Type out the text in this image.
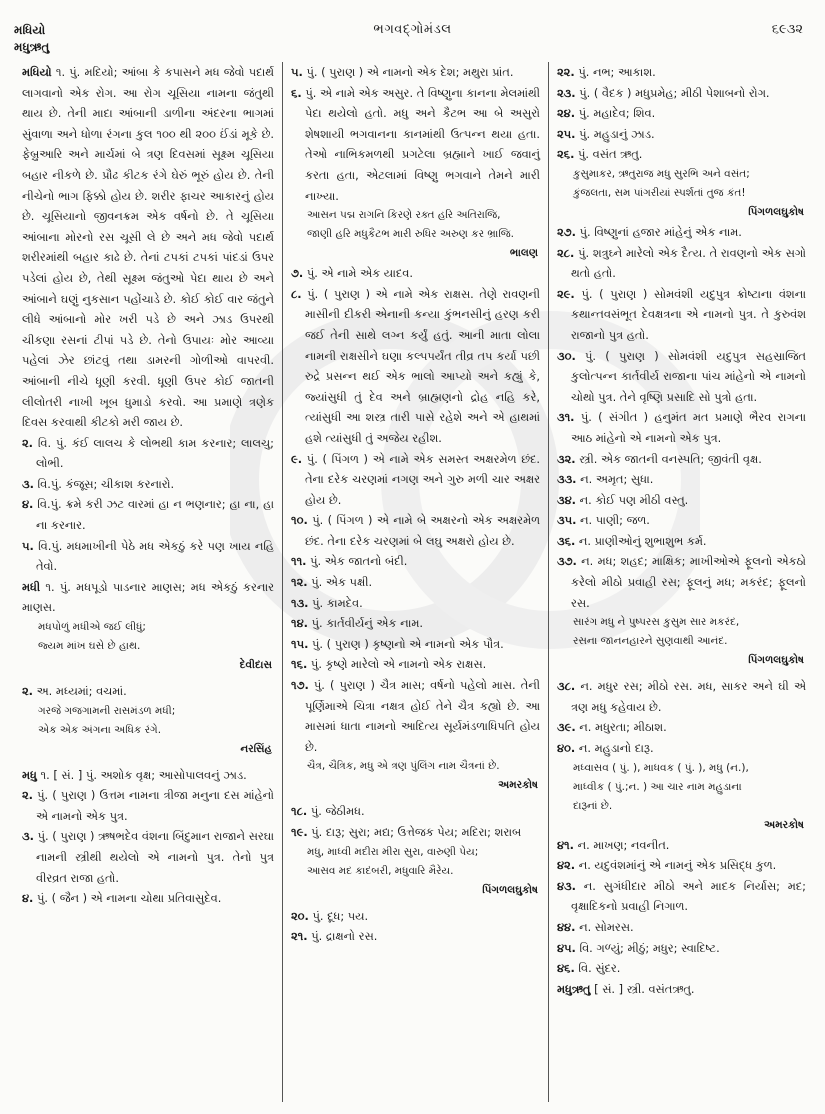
મધિયો
મધુઋતુ
ભગવદ્ગોમંડલ	૬૯૩૨

મધિયો ૧. પું. મદિયો; આંબા કે કપાસને મધ જેવો પદાર્થ લાગવાનો એક રોગ. આ રોગ ચૂસિયા નામના જંતુથી થાય છે. તેની માદા આંબાની ડાળીના અંદરના ભાગમાં સુંવાળા અને ધોળા રંગના કુલ ૧૦૦ થી ૨૦૦ ઈંડાં મૂકે છે. ફેબ્રુઆરિ અને માર્ચમાં બે ત્રણ દિવસમાં સૂક્ષ્મ ચૂસિયા બહાર નીકળે છે. પ્રૌઢ કીટક રંગે ઘેરું ભૂરું હોય છે. તેની નીચેનો ભાગ ફિક્કો હોય છે. શરીર ફાચર આકારનું હોય છે. ચૂસિયાનો જીવનક્રમ એક વર્ષનો છે. તે ચૂસિયા આંબાના મોરનો રસ ચૂસી લે છે અને મધ જેવો પદાર્થ શરીરમાંથી બહાર કાઢે છે. તેનાં ટપકાં ટપકાં પાંદડાં ઉપર પડેલાં હોય છે, તેથી સૂક્ષ્મ જંતુઓ પેદા થાય છે અને આંબાને ઘણું નુકસાન પહોંચાડે છે. કોઈ કોઈ વાર જંતુને લીધે આંબાનો મોર ખરી પડે છે અને ઝાડ ઉપરથી ચીકણા રસનાં ટીપાં પડે છે. તેનો ઉપાયઃ મોર આવ્યા પહેલાં ઝેર છાંટવું તથા ડામરની ગોળીઓ વાપરવી. આંબાની નીચે ધૂણી કરવી. ધૂણી ઉપર કોઈ જાતની લીલોતરી નાખી ખૂબ ધુમાડો કરવો. આ પ્રમાણે ત્રણેક દિવસ કરવાથી કીટકો મરી જાય છે.

૨. વિ. પું. કંઈ લાલચ કે લોભથી કામ કરનાર; લાલચુ; લોભી.

૩. વિ.પું. કંજૂસ; ચીકાશ કરનારો.

૪. વિ.પું. ક્રમે કરી ઝટ વારમાં હા ન ભણનાર; હા ના, હા ના કરનાર.

૫. વિ.પું. મધમાખીની પેઠે મધ એકઠું કરે પણ ખાય નહિ તેવો.

મધી ૧. પું. મધપૂડો પાડનાર માણસ; મધ એકઠું કરનાર માણસ.

મધપોળું મધીએ જઈ લીધું;
જ્યમ માંખ ઘસે છે હાથ.
દેવીદાસ

૨. અ. મધ્યમાં; વચમાં.

ગરજે ગજગામની રાસમંડળ મધી;
એક એક અંગના અધિક રંગે.
નરસિંહ

મધુ ૧. [ સં. ] પું. અશોક વૃક્ષ; આસોપાલવનું ઝાડ.

૨. પું. ( પુરાણ ) ઉત્તમ નામના ત્રીજા મનુના દસ માંહેનો એ નામનો એક પુત્ર.

૩. પું. ( પુરાણ ) ઋષભદેવ વંશના બિંદુમાન રાજાને સરઘા નામની સ્ત્રીથી થયેલો એ નામનો પુત્ર. તેનો પુત્ર વીરવ્રત રાજા હતો.

૪. પું. ( જૈન ) એ નામના ચોથા પ્રતિવાસુદેવ.

૫. પું. ( પુરાણ ) એ નામનો એક દેશ; મથુરા પ્રાંત.

૬. પું. એ નામે એક અસુર. તે વિષ્ણુના કાનના મેલમાંથી પેદા થયેલો હતો. મધુ અને કૈટભ આ બે અસુરો શેષશાયી ભગવાનના કાનમાંથી ઉત્પન્ન થયા હતા. તેઓ નાભિકમળથી પ્રગટેલા બ્રહ્માને ખાઈ જવાનું કરતા હતા, એટલામાં વિષ્ણુ ભગવાને તેમને મારી નાખ્યા.

આસન પદ્મ રાગનિ કિરણે રક્ત હરિ અતિરાજિ,
જાણી હરિ મધુકૈટભ મારી રુધિર અરુણ કર ભ્રાજિ.
ભાલણ

૭. પું. એ નામે એક યાદવ.

૮. પું. ( પુરાણ ) એ નામે એક રાક્ષસ. તેણે રાવણની માસીની દીકરી એનાની કન્યા કુંભનસીનું હરણ કરી જઈ તેની સાથે લગ્ન કર્યું હતું. આની માતા લોલા નામની રાક્ષસીને ઘણા કલ્પપર્યંત તીવ્ર તપ કર્યા પછી રુદ્રે પ્રસન્ન થઈ એક ભાલો આપ્યો અને કહ્યું કે, જ્યાંસુધી તું દેવ અને બ્રાહ્મણનો દ્રોહ નહિ કરે, ત્યાંસુધી આ શસ્ત્ર તારી પાસે રહેશે અને એ હાથમાં હશે ત્યાંસુધી તું અજેય રહીશ.

૯. પું. ( પિંગળ ) એ નામે એક સમસ્ત અક્ષરમેળ છંદ. તેના દરેક ચરણમાં નગણ અને ગુરુ મળી ચાર અક્ષર હોય છે.

૧૦. પું. ( પિંગળ ) એ નામે બે અક્ષરનો એક અક્ષરમેળ છંદ. તેના દરેક ચરણમાં બે લઘુ અક્ષરો હોય છે.

૧૧. પું. એક જાતનો બંદી.

૧૨. પું. એક પક્ષી.

૧૩. પું. કામદેવ.

૧૪. પું. કાર્તવીર્યનું એક નામ.

૧૫. પું. ( પુરાણ ) કૃષ્ણનો એ નામનો એક પૌત્ર.

૧૬. પું. કૃષ્ણે મારેલો એ નામનો એક રાક્ષસ.

૧૭. પું. ( પુરાણ ) ચૈત્ર માસ; વર્ષનો પહેલો માસ. તેની પૂર્ણિમાએ ચિત્રા નક્ષત્ર હોઈ તેને ચૈત્ર કહ્યો છે. આ માસમાં ધાતા નામનો આદિત્ય સૂર્યમંડળાધિપતિ હોય છે.

ચૈત્ર, ચૈત્રિક, મધુ એ ત્રણ પુંલિંગ નામ ચૈત્રનાં છે.
અમરકોષ

૧૮. પું. જેઠીમધ.

૧૯. પું. દારૂ; સુરા; મદ્ય; ઉત્તેજક પેય; મદિરા; શરાબ

મધુ, માધ્વી મદીરા મીરા સુરા, વારુણી પેય;
આસવ મદ કાદંબરી, મધુવારિ મૈરેય.
પિંગળલઘુકોષ

૨૦. પું. દૂધ; પય.

૨૧. પું. દ્રાક્ષનો રસ.

૨૨. પું. નભ; આકાશ.

૨૩. પું. ( વૈદક ) મધુપ્રમેહ; મીઠી પેશાબનો રોગ.

૨૪. પું. મહાદેવ; શિવ.

૨૫. પું. મહુડાનું ઝાડ.

૨૬. પું. વસંત ઋતુ.

કુસુમાકર, ઋતુરાજ મધુ સુરભિ અને વસંત;
કુંજલતા, સમ પાંગરીયાં સ્પર્શતાં તુજ કંત!
પિંગળલઘુકોષ

૨૭. પું. વિષ્ણુનાં હજાર માંહેનું એક નામ.

૨૮. પું. શત્રુઘ્ને મારેલો એક દૈત્ય. તે રાવણનો એક સગો થતો હતો.

૨૯. પું. ( પુરાણ ) સોમવંશી યદુપુત્ર ક્રોષ્ટાના વંશના કથાન્તવસંભૂત દેવક્ષત્રના એ નામનો પુત્ર. તે કુરુવંશ રાજાનો પુત્ર હતો.

૩૦. પું. ( પુરાણ ) સોમવંશી યદુપુત્ર સહસ્રાજિત કુલોત્પન્ન કાર્તવીર્ય રાજાના પાંચ માંહેનો એ નામનો ચોથો પુત્ર. તેને વૃષ્ણિ પ્રસાદિ સો પુત્રો હતા.

૩૧. પું. ( સંગીત ) હનુમંત મત પ્રમાણે ભૈરવ રાગના આઠ માંહેનો એ નામનો એક પુત્ર.

૩૨. સ્ત્રી. એક જાતની વનસ્પતિ; જીવંતી વૃક્ષ.

૩૩. ન. અમૃત; સુધા.

૩૪. ન. કોઈ પણ મીઠી વસ્તુ.

૩૫. ન. પાણી; જળ.

૩૬. ન. પ્રાણીઓનું શુભાશુભ કર્મ.

૩૭. ન. મધ; શહદ; માક્ષિક; માખીઓએ ફૂલનો એકઠો કરેલો મીઠો પ્રવાહી રસ; ફૂલનું મધ; મકરંદ; ફૂલનો રસ.

સારંગ મધુ ને પુષ્પરસ કુસુમ સાર મકરંદ,
રસના જાનનહારને સુણવાથી આનંદ.
પિંગળલઘુકોષ

૩૮. ન. મધુર રસ; મીઠો રસ. મધ, સાકર અને ઘી એ ત્રણ મધુ કહેવાય છે.

૩૯. ન. મધુરતા; મીઠાશ.

૪૦. ન. મહુડાનો દારૂ.

મધ્વાસવ ( પું. ), માધવક ( પું. ), મધુ (ન.),
માધ્વીક ( પું.;ન. ) આ ચાર નામ મહુડાના
દારૂનાં છે.
અમરકોષ

૪૧. ન. માખણ; નવનીત.

૪૨. ન. યદુવંશમાંનું એ નામનું એક પ્રસિદ્ધ કુળ.

૪૩. ન. સુગંધીદાર મીઠો અને માદક નિર્યાસ; મદ; વૃક્ષાદિકનો પ્રવાહી નિગાળ.

૪૪. ન. સોમરસ.

૪૫. વિ. ગળ્યું; મીઠું; મધુર; સ્વાદિષ્ટ.

૪૬. વિ. સુંદર.

મધુઋતુ [ સં. ] સ્ત્રી. વસંતઋતુ.
